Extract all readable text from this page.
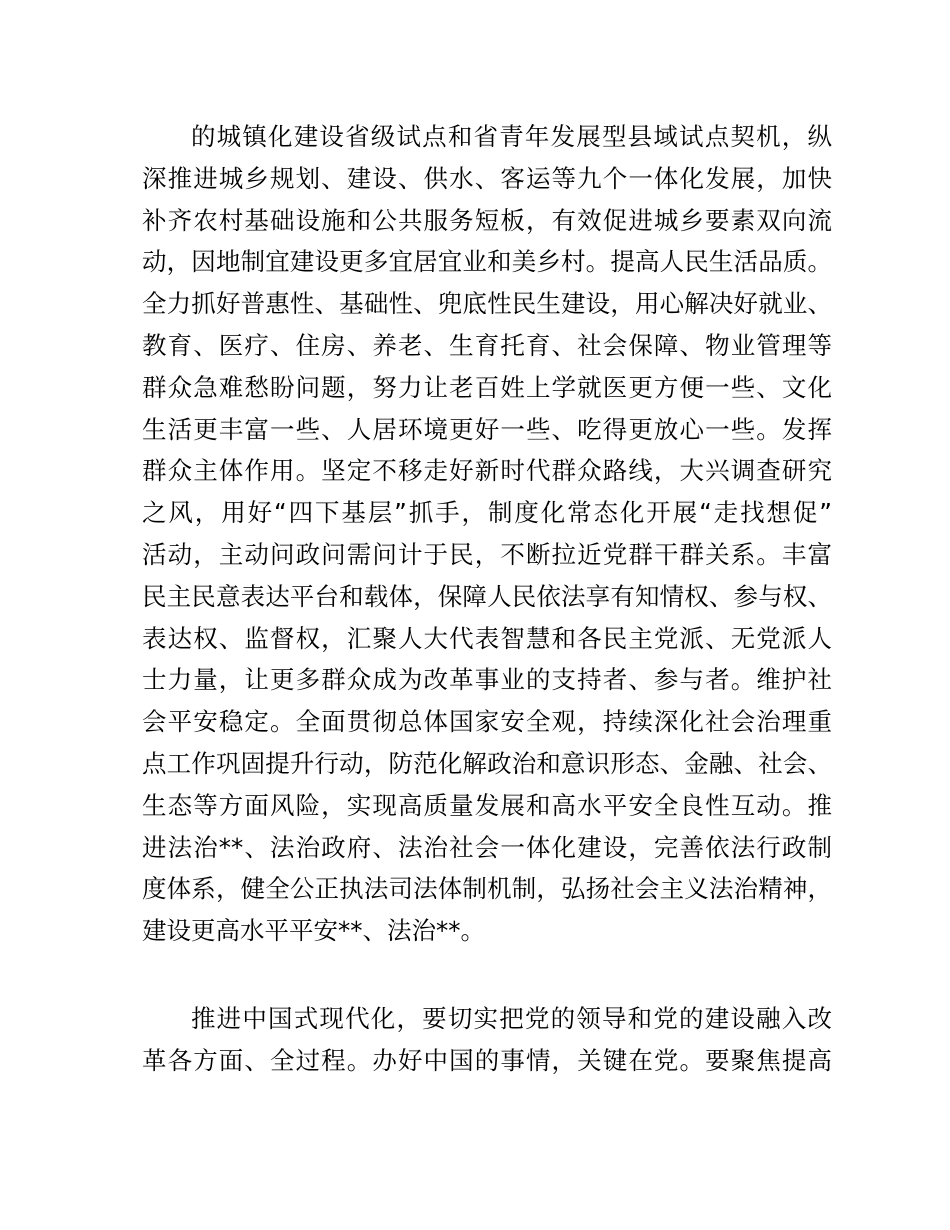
的城镇化建设省级试点和省青年发展型县域试点契机，纵
深推进城乡规划、建设、供水、客运等九个一体化发展，加快
补齐农村基础设施和公共服务短板，有效促进城乡要素双向流
动，因地制宜建设更多宜居宜业和美乡村。提高人民生活品质。
全力抓好普惠性、基础性、兜底性民生建设，用心解决好就业、
教育、医疗、住房、养老、生育托育、社会保障、物业管理等
群众急难愁盼问题，努力让老百姓上学就医更方便一些、文化
生活更丰富一些、人居环境更好一些、吃得更放心一些。发挥
群众主体作用。坚定不移走好新时代群众路线，大兴调查研究
之风，用好“四下基层”抓手，制度化常态化开展“走找想促”
活动，主动问政问需问计于民，不断拉近党群干群关系。丰富
民主民意表达平台和载体，保障人民依法享有知情权、参与权、
表达权、监督权，汇聚人大代表智慧和各民主党派、无党派人
士力量，让更多群众成为改革事业的支持者、参与者。维护社
会平安稳定。全面贯彻总体国家安全观，持续深化社会治理重
点工作巩固提升行动，防范化解政治和意识形态、金融、社会、
生态等方面风险，实现高质量发展和高水平安全良性互动。推
进法治**、法治政府、法治社会一体化建设，完善依法行政制
度体系，健全公正执法司法体制机制，弘扬社会主义法治精神，
建设更高水平平安**、法治**。
推进中国式现代化，要切实把党的领导和党的建设融入改
革各方面、全过程。办好中国的事情，关键在党。要聚焦提高
